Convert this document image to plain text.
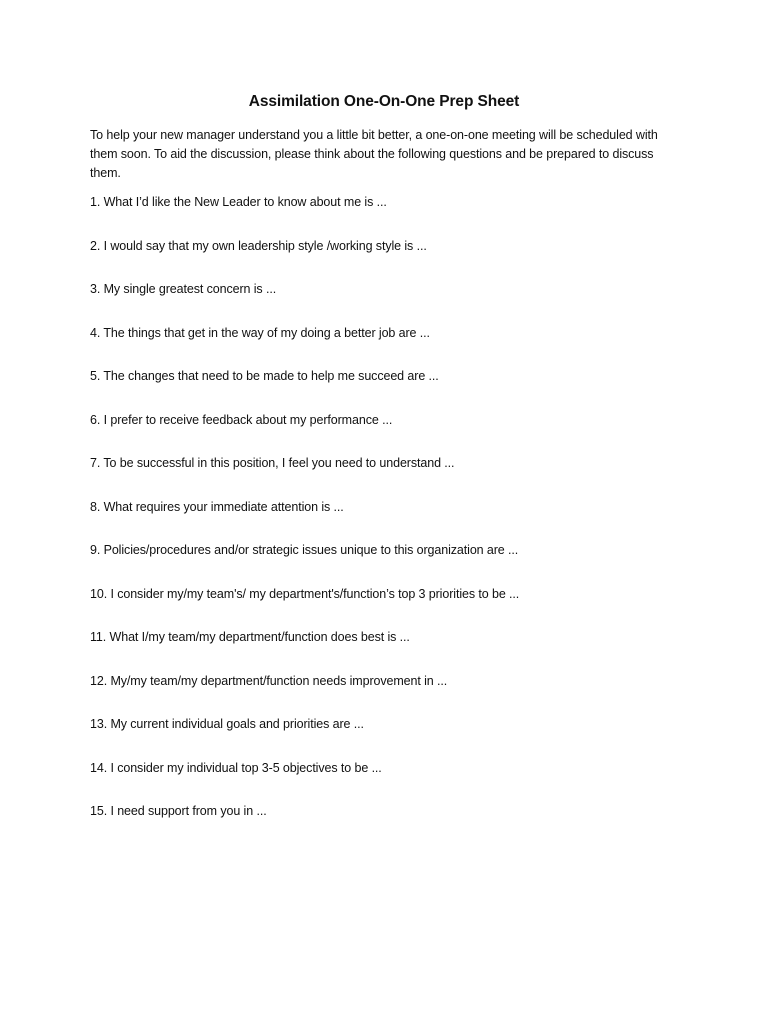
Assimilation One-On-One Prep Sheet

To help your new manager understand you a little bit better, a one-on-one meeting will be scheduled with them soon. To aid the discussion, please think about the following questions and be prepared to discuss them.

1. What I’d like the New Leader to know about me is ...
2. I would say that my own leadership style /working style is ...
3. My single greatest concern is ...
4. The things that get in the way of my doing a better job are ...
5. The changes that need to be made to help me succeed are ...
6. I prefer to receive feedback about my performance ...
7. To be successful in this position, I feel you need to understand ...
8. What requires your immediate attention is ...
9. Policies/procedures and/or strategic issues unique to this organization are ...
10. I consider my/my team's/ my department's/function’s top 3 priorities to be ...
11. What I/my team/my department/function does best is ...
12. My/my team/my department/function needs improvement in ...
13. My current individual goals and priorities are ...
14. I consider my individual top 3-5 objectives to be ...
15. I need support from you in ...
